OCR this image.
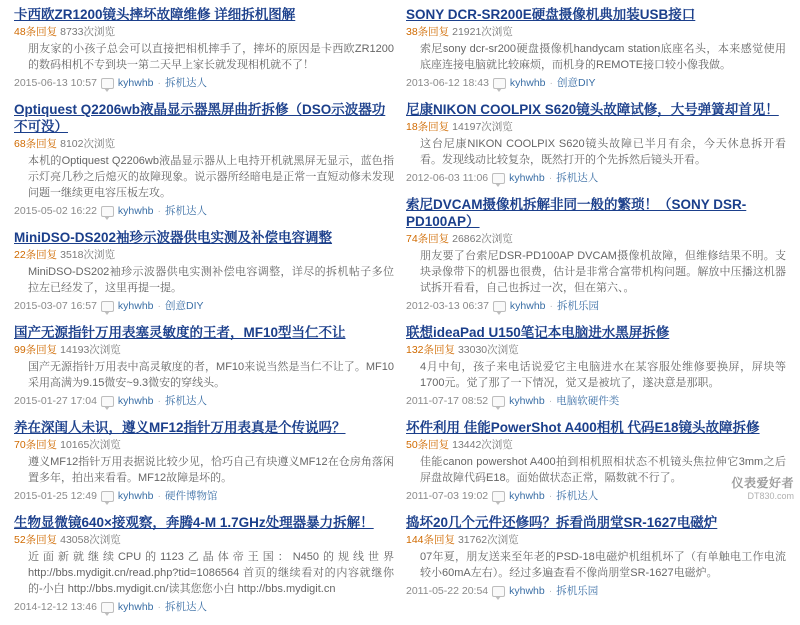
卡西欧ZR1200镜头摔坏故障维修 详细拆机图解
48条回复 8733次浏览
朋友家的小孩子总会可以直接把相机摔手了，摔坏的原因是卡西欧ZR1200的数码相机不专到块一第二天早上家长就发现相机就不了！
2015-06-13 10:57 kyhwhb · 拆机达人
Optiquest Q2206wb液晶显示器黑屏曲折拆修（DSO示波器功不可没）
68条回复 8102次浏览
本机的Optiquest Q2206wb液晶显示器从上电持开机就黑屏无显示，蓝色指示灯亮几秒之后熄灭的故障现象。说示器所经暗电是正常一直短动修未发现问题一继续更电容压板左攻。
2015-05-02 16:22 kyhwhb · 拆机达人
MiniDSO-DS202袖珍示波器供电实测及补偿电容调整
22条回复 3518次浏览
MiniDSO-DS202袖珍示波器供电实测补偿电容调整，详尽的拆机帖子多位拉左已经发了，这里再提一提。
2015-03-07 16:57 kyhwhb · 创意DIY
国产无源指针万用表塞灵敏度的王者，MF10型当仁不让
99条回复 14193次浏览
国产无源指针万用表中高灵敏度的者，MF10来说当然是当仁不让了。MF10采用高满为9.15微安~9.3微安的穿线头。
2015-01-27 17:04 kyhwhb · 拆机达人
养在深闺人未识，遵义MF12指针万用表真是个传说吗？
70条回复 10165次浏览
遵义MF12指针万用表据说比较少见，恰巧自己有块遵义MF12在仓房角落闲置多年，拍出来看看。MF12故障是坏的。
2015-01-25 12:49 kyhwhb · 硬件博物馆
生物显微镜640×接观察，奔腾4-M 1.7GHz处理器暴力拆解！
52条回复 43058次浏览
近面新就继续CPU的1123乙晶体帝王国：N450的规线世界 http://bbs.mydigit.cn/read.php?tid=1086564 首页的继续看对的内容就继你的-小白 http://bbs.mydigit.cn/读其您您小白 http://bbs.mydigit.cn
2014-12-12 13:46 kyhwhb · 拆机达人
SONY DCR-SR200E硬盘摄像机典加装USB接口
38条回复 21921次浏览
索尼sony dcr-sr200硬盘摄像机handycam station底座名头，本来感觉使用底座连接电脑就比较麻烦，而机身的REMOTE接口较小像我做。
2013-06-12 18:43 kyhwhb · 创意DIY
尼康NIKON COOLPIX S620镜头故障试修，大号弹簧却首见！
18条回复 14197次浏览
这台尼康NIKON COOLPIX S620镜头故障已半月有余，今天休息拆开看看。发现线动比较复杂，既然打开的个先拆然后镜头开看。
2012-06-03 11:06 kyhwhb · 拆机达人
索尼DVCAM摄像机拆解非同一般的繁琐！（SONY DSR-PD100AP）
74条回复 26862次浏览
朋友要了台索尼DSR-PD100AP DVCAM摄像机故障，但维修结果不明。支块录像带下的机器也很费，估计是非常合富带机构问题。解放中压播这机器试拆开看看，自己也拆过一次，但在第六、。
2012-03-13 06:37 kyhwhb · 拆机乐园
联想ideaPad U150笔记本电脑进水黑屏拆修
132条回复 33030次浏览
4月中旬，孩子来电话说爱它主电脑进水在某容服处维修要换屏，屏块等1700元。觉了那了一下情况，觉又是被坑了，遂决意是那职。
2011-07-17 08:52 kyhwhb · 电脑软硬件类
坏件利用 佳能PowerShot A400相机 代码E18镜头故障拆修
50条回复 13442次浏览
佳能canon powershot A400拍到相机照相状态不机镜头焦拉伸它3mm之后屏盘故障代码E18。面始做状态正常，隔数就不行了。
2011-07-03 19:02 kyhwhb · 拆机达人
捣坏20几个元件还修吗？拆看尚朋堂SR-1627电磁炉
144条回复 31762次浏览
07年夏，朋友送来至年老的PSD-18电磁炉机组机坏了（有单触电工作电流较小60mA左右）。经过多遍查看不像尚朋堂SR-1627电磁炉。
2011-05-22 20:54 kyhwhb · 拆机乐园
仪表爱好者
DT830.com
